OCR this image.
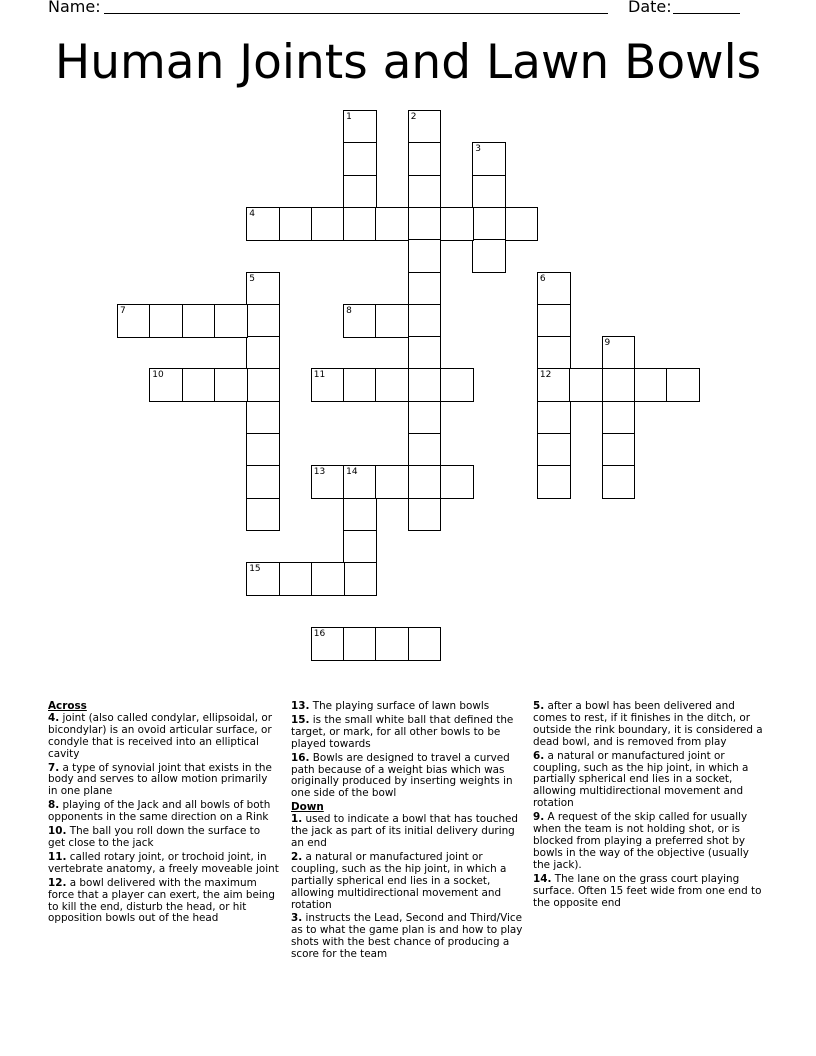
Name:	Date:
Human Joints and Lawn Bowls
1	2
3
4
5	6
7	8
9
10	11	12
13 14
15
16
Across
4. joint (also called condylar, ellipsoidal, or bicondylar) is an ovoid articular surface, or condyle that is received into an elliptical cavity
7. a type of synovial joint that exists in the body and serves to allow motion primarily in one plane
8. playing of the Jack and all bowls of both opponents in the same direction on a Rink
10. The ball you roll down the surface to get close to the jack
11. called rotary joint, or trochoid joint, in vertebrate anatomy, a freely moveable joint
12. a bowl delivered with the maximum force that a player can exert, the aim being to kill the end, disturb the head, or hit opposition bowls out of the head
13. The playing surface of lawn bowls
15. is the small white ball that defined the target, or mark, for all other bowls to be played towards
16. Bowls are designed to travel a curved path because of a weight bias which was originally produced by inserting weights in one side of the bowl
Down
1. used to indicate a bowl that has touched the jack as part of its initial delivery during an end
2. a natural or manufactured joint or coupling, such as the hip joint, in which a partially spherical end lies in a socket, allowing multidirectional movement and rotation
3. instructs the Lead, Second and Third/Vice as to what the game plan is and how to play shots with the best chance of producing a score for the team
5. after a bowl has been delivered and comes to rest, if it finishes in the ditch, or outside the rink boundary, it is considered a dead bowl, and is removed from play
6. a natural or manufactured joint or coupling, such as the hip joint, in which a partially spherical end lies in a socket, allowing multidirectional movement and rotation
9. A request of the skip called for usually when the team is not holding shot, or is blocked from playing a preferred shot by bowls in the way of the objective (usually the jack).
14. The lane on the grass court playing surface. Often 15 feet wide from one end to the opposite end
